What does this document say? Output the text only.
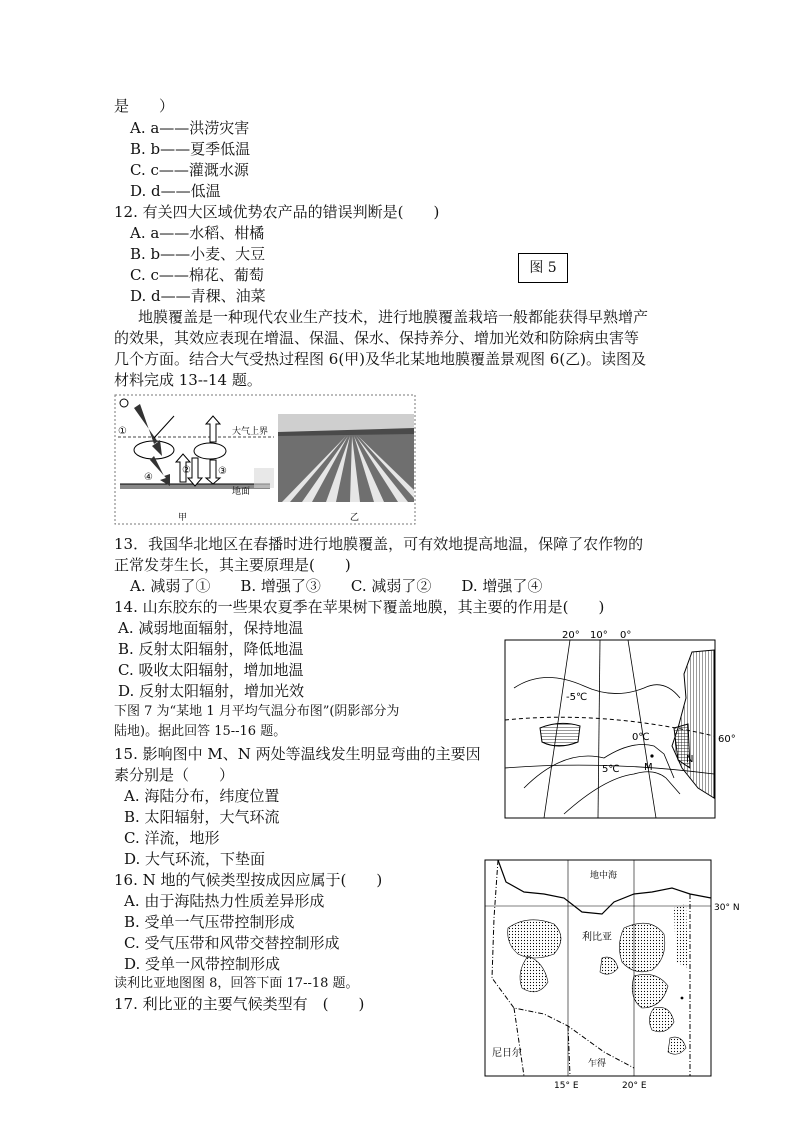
是　　）
A. a——洪涝灾害
B. b——夏季低温
C. c——灌溉水源
D. d——低温
12. 有关四大区域优势农产品的错误判断是(　　)
A. a——水稻、柑橘
B. b——小麦、大豆
C. c——棉花、葡萄
D. d——青稞、油菜
图 5
地膜覆盖是一种现代农业生产技术，进行地膜覆盖栽培一般都能获得早熟增产
的效果，其效应表现在增温、保温、保水、保持养分、增加光效和防除病虫害等
几个方面。结合大气受热过程图 6(甲)及华北某地地膜覆盖景观图 6(乙)。读图及
材料完成 13--14 题。
大气上界
地面
①
②	③
④
甲	乙
13．我国华北地区在春播时进行地膜覆盖，可有效地提高地温，保障了农作物的
正常发芽生长，其主要原理是(　　)
A. 减弱了①　　B. 增强了③　　C. 减弱了②　　D. 增强了④
14. 山东胶东的一些果农夏季在苹果树下覆盖地膜，其主要的作用是(　　)
A. 减弱地面辐射，保持地温
B. 反射太阳辐射，降低地温
C. 吸收太阳辐射，增加地温
D. 反射太阳辐射，增加光效
下图 7 为“某地 1 月平均气温分布图”(阴影部分为
陆地)。据此回答 15--16 题。
15. 影响图中 M、N 两处等温线发生明显弯曲的主要因
素分别是（　　）
A. 海陆分布，纬度位置
B. 太阳辐射，大气环流
C. 洋流，地形
D. 大气环流，下垫面
16. N 地的气候类型按成因应属于(　　)
A. 由于海陆热力性质差异形成
B. 受单一气压带控制形成
C. 受气压带和风带交替控制形成
D. 受单一风带控制形成
读利比亚地图图 8，回答下面 17--18 题。
17. 利比亚的主要气候类型有　(　　)
20° 10° 0°
-5℃
0℃
5℃ M
N
60°
地中海
30° N
利比亚
尼日尔
乍得
15° E	20° E
